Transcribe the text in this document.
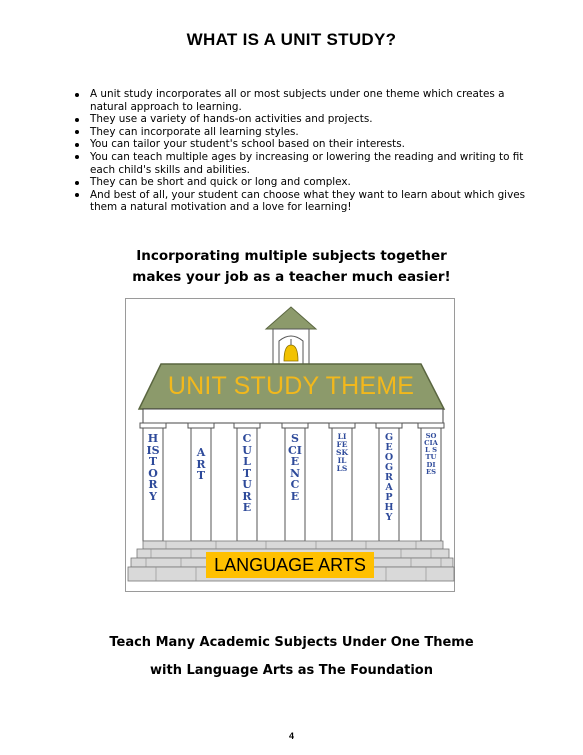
WHAT IS A UNIT STUDY?
A unit study incorporates all or most subjects under one theme which creates a natural approach to learning.
They use a variety of hands-on activities and projects.
They can incorporate all learning styles.
You can tailor your student's school based on their interests.
You can teach multiple ages by increasing or lowering the reading and writing to fit each child's skills and abilities.
They can be short and quick or long and complex.
And best of all, your student can choose what they want to learn about which gives them a natural motivation and a love for learning!
Incorporating multiple subjects together
makes your job as a teacher much easier!
UNIT STUDY THEME
HISTORY
ART
CULTURE
SCIENCE
LIFE SKILLS
GEOGRAPHY
SOCIAL STUDIES
LANGUAGE ARTS
Teach Many Academic Subjects Under One Theme
with Language Arts as The Foundation
4
